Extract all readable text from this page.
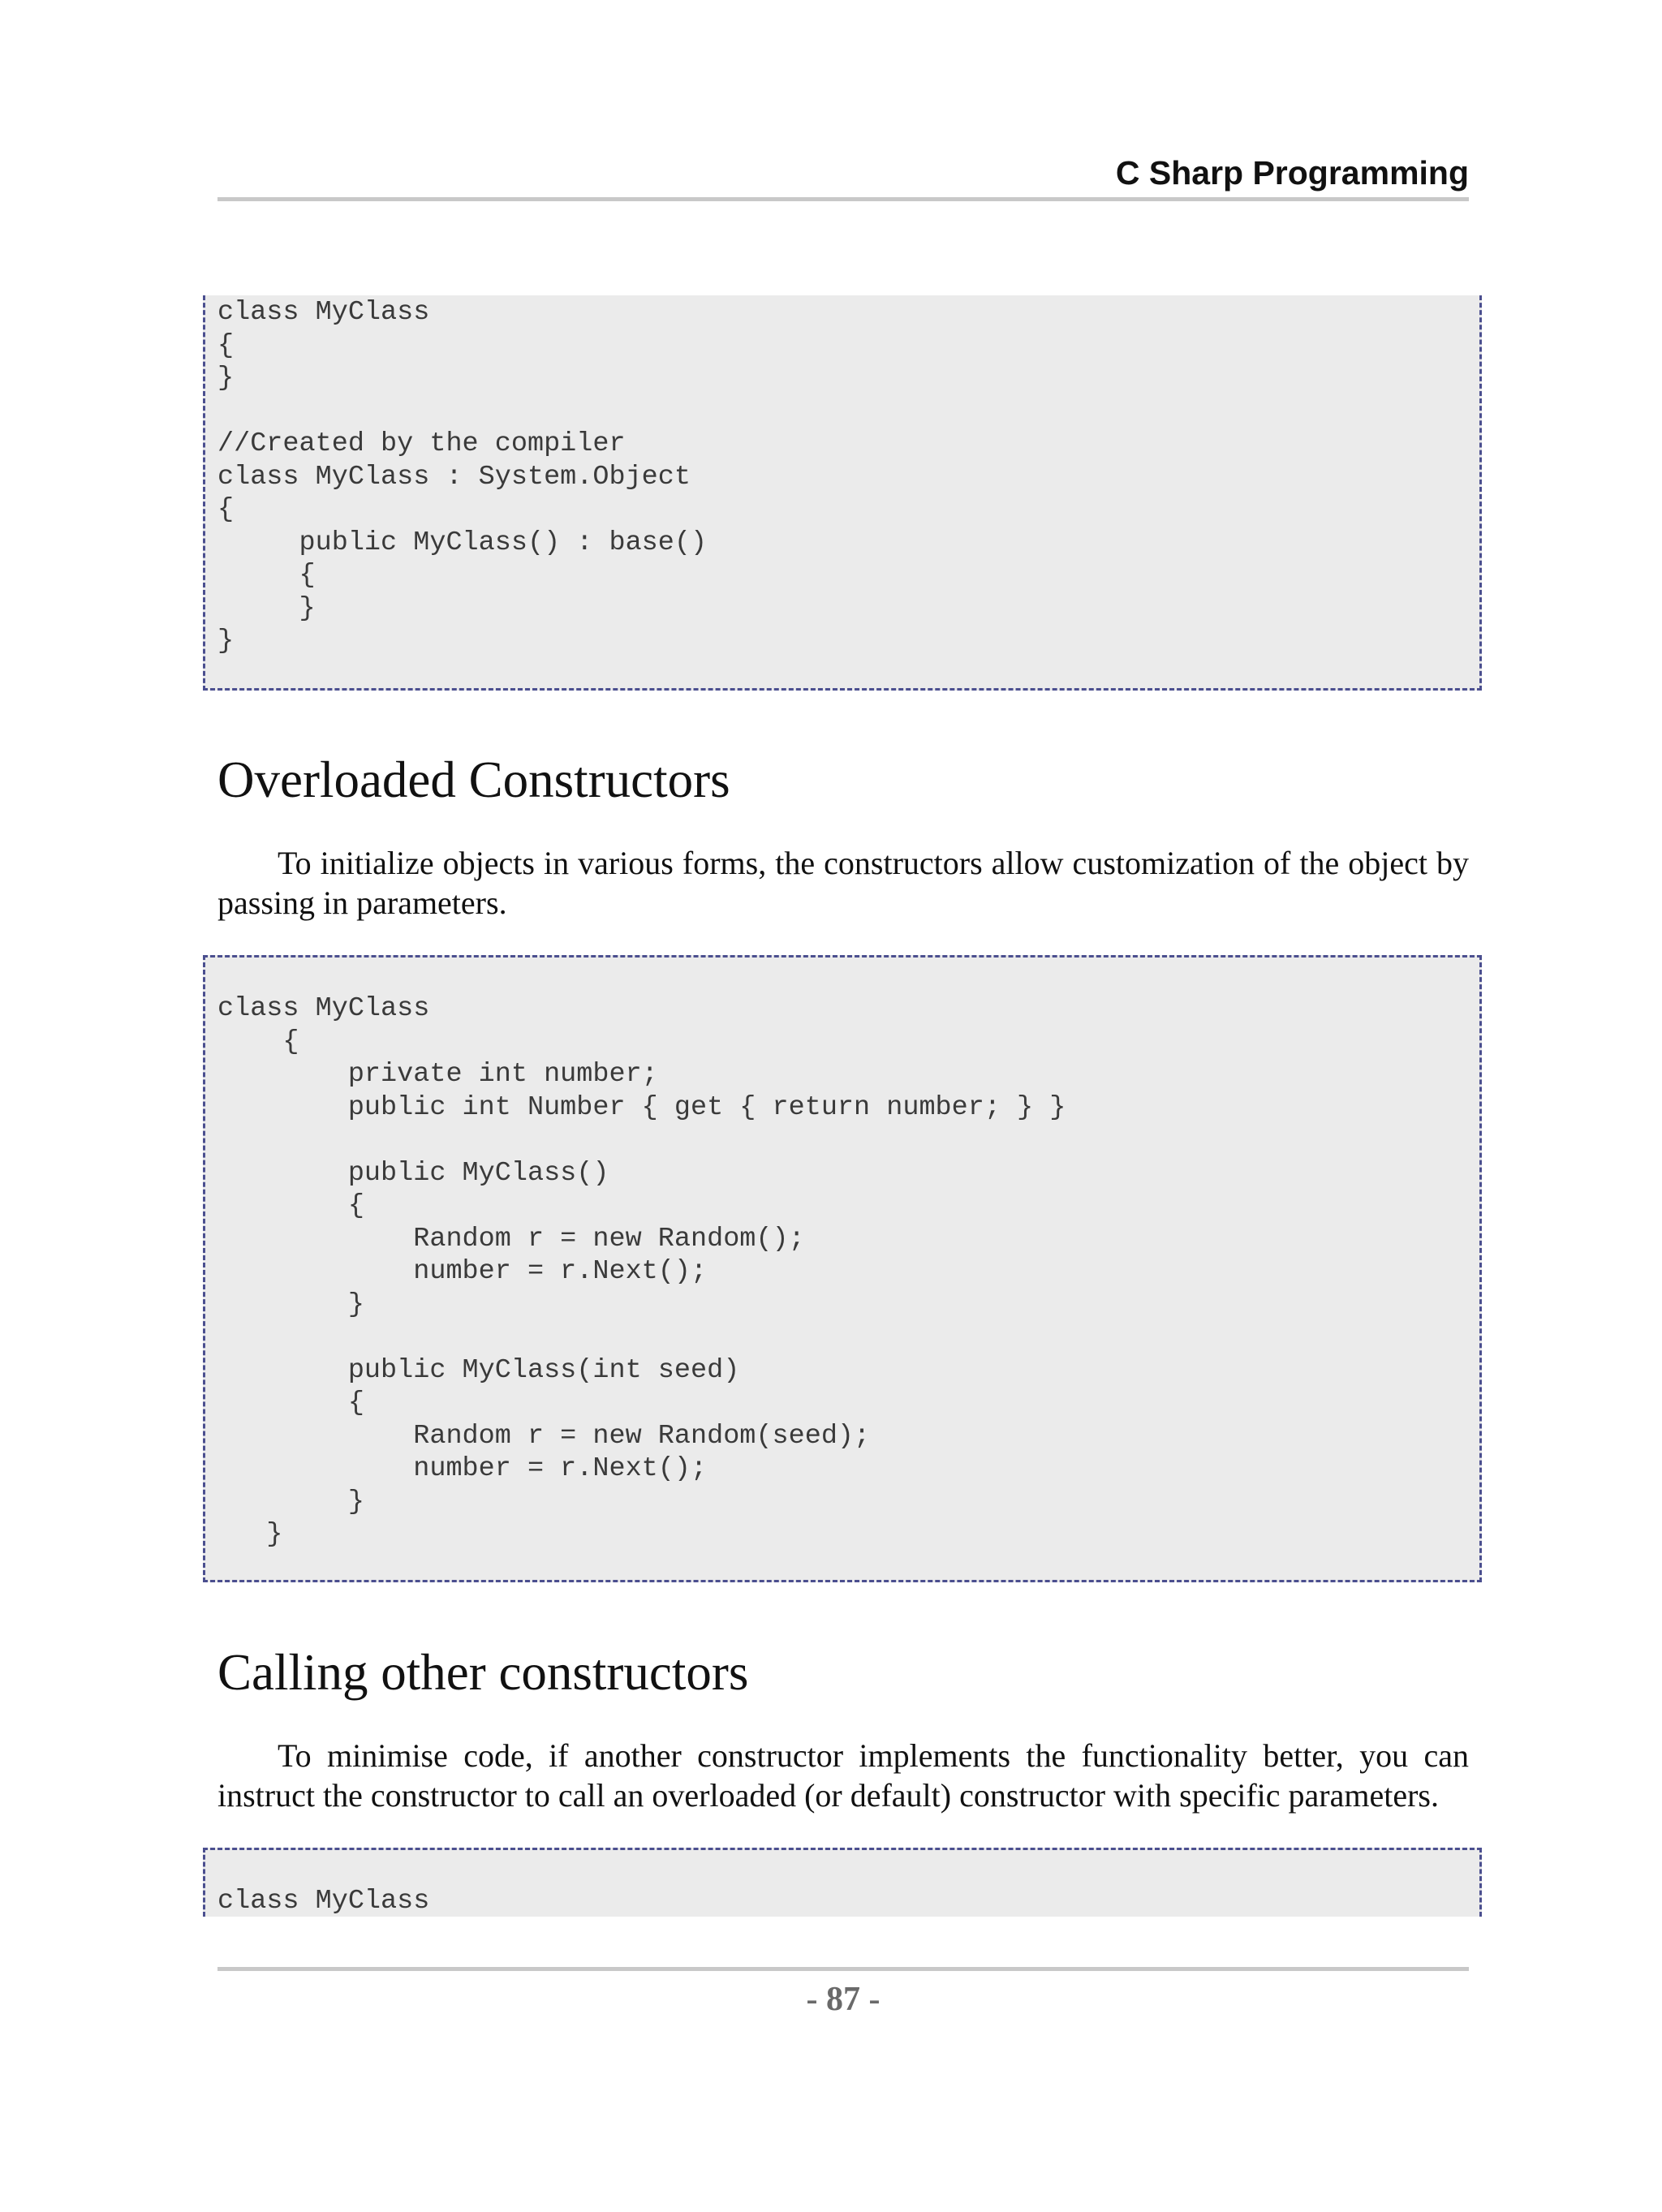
C Sharp Programming
class MyClass
{
}

//Created by the compiler
class MyClass : System.Object
{
public MyClass() : base()
{
}
}
Overloaded Constructors

To initialize objects in various forms, the constructors allow customization of the object by passing in parameters.

class MyClass
{
private int number;
public int Number { get { return number; } }

public MyClass()
{
Random r = new Random();
number = r.Next();
}

public MyClass(int seed)
{
Random r = new Random(seed);
number = r.Next();
}
}
Calling other constructors

To minimise code, if another constructor implements the functionality better, you can instruct the constructor to call an overloaded (or default) constructor with specific parameters.

class MyClass
- 87 -
